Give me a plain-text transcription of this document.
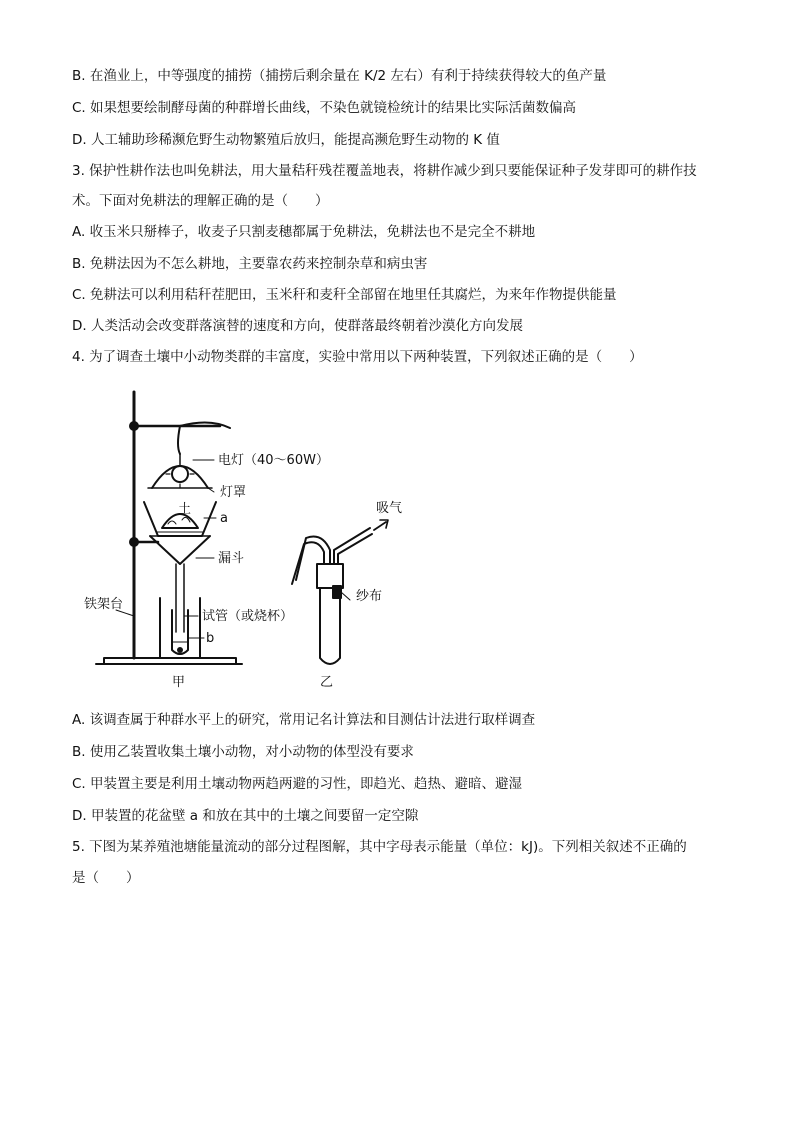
B. 在渔业上，中等强度的捕捞（捕捞后剩余量在 K/2 左右）有利于持续获得较大的鱼产量
C. 如果想要绘制酵母菌的种群增长曲线，不染色就镜检统计的结果比实际活菌数偏高
D. 人工辅助珍稀濒危野生动物繁殖后放归，能提高濒危野生动物的 K 值
3. 保护性耕作法也叫免耕法，用大量秸秆残茬覆盖地表，将耕作减少到只要能保证种子发芽即可的耕作技
术。下面对免耕法的理解正确的是（　　）
A. 收玉米只掰棒子，收麦子只割麦穗都属于免耕法，免耕法也不是完全不耕地
B. 免耕法因为不怎么耕地，主要靠农药来控制杂草和病虫害
C. 免耕法可以利用秸秆茬肥田，玉米秆和麦秆全部留在地里任其腐烂，为来年作物提供能量
D. 人类活动会改变群落演替的速度和方向，使群落最终朝着沙漠化方向发展
4. 为了调查土壤中小动物类群的丰富度，实验中常用以下两种装置，下列叙述正确的是（　　）
电灯（40～60W）
灯罩
土
a
漏斗
铁架台
试管（或烧杯）
b
甲
吸气
纱布
乙
A. 该调查属于种群水平上的研究，常用记名计算法和目测估计法进行取样调查
B. 使用乙装置收集土壤小动物，对小动物的体型没有要求
C. 甲装置主要是利用土壤动物两趋两避的习性，即趋光、趋热、避暗、避湿
D. 甲装置的花盆壁 a 和放在其中的土壤之间要留一定空隙
5. 下图为某养殖池塘能量流动的部分过程图解，其中字母表示能量（单位：kJ)。下列相关叙述不正确的
是（　　）
